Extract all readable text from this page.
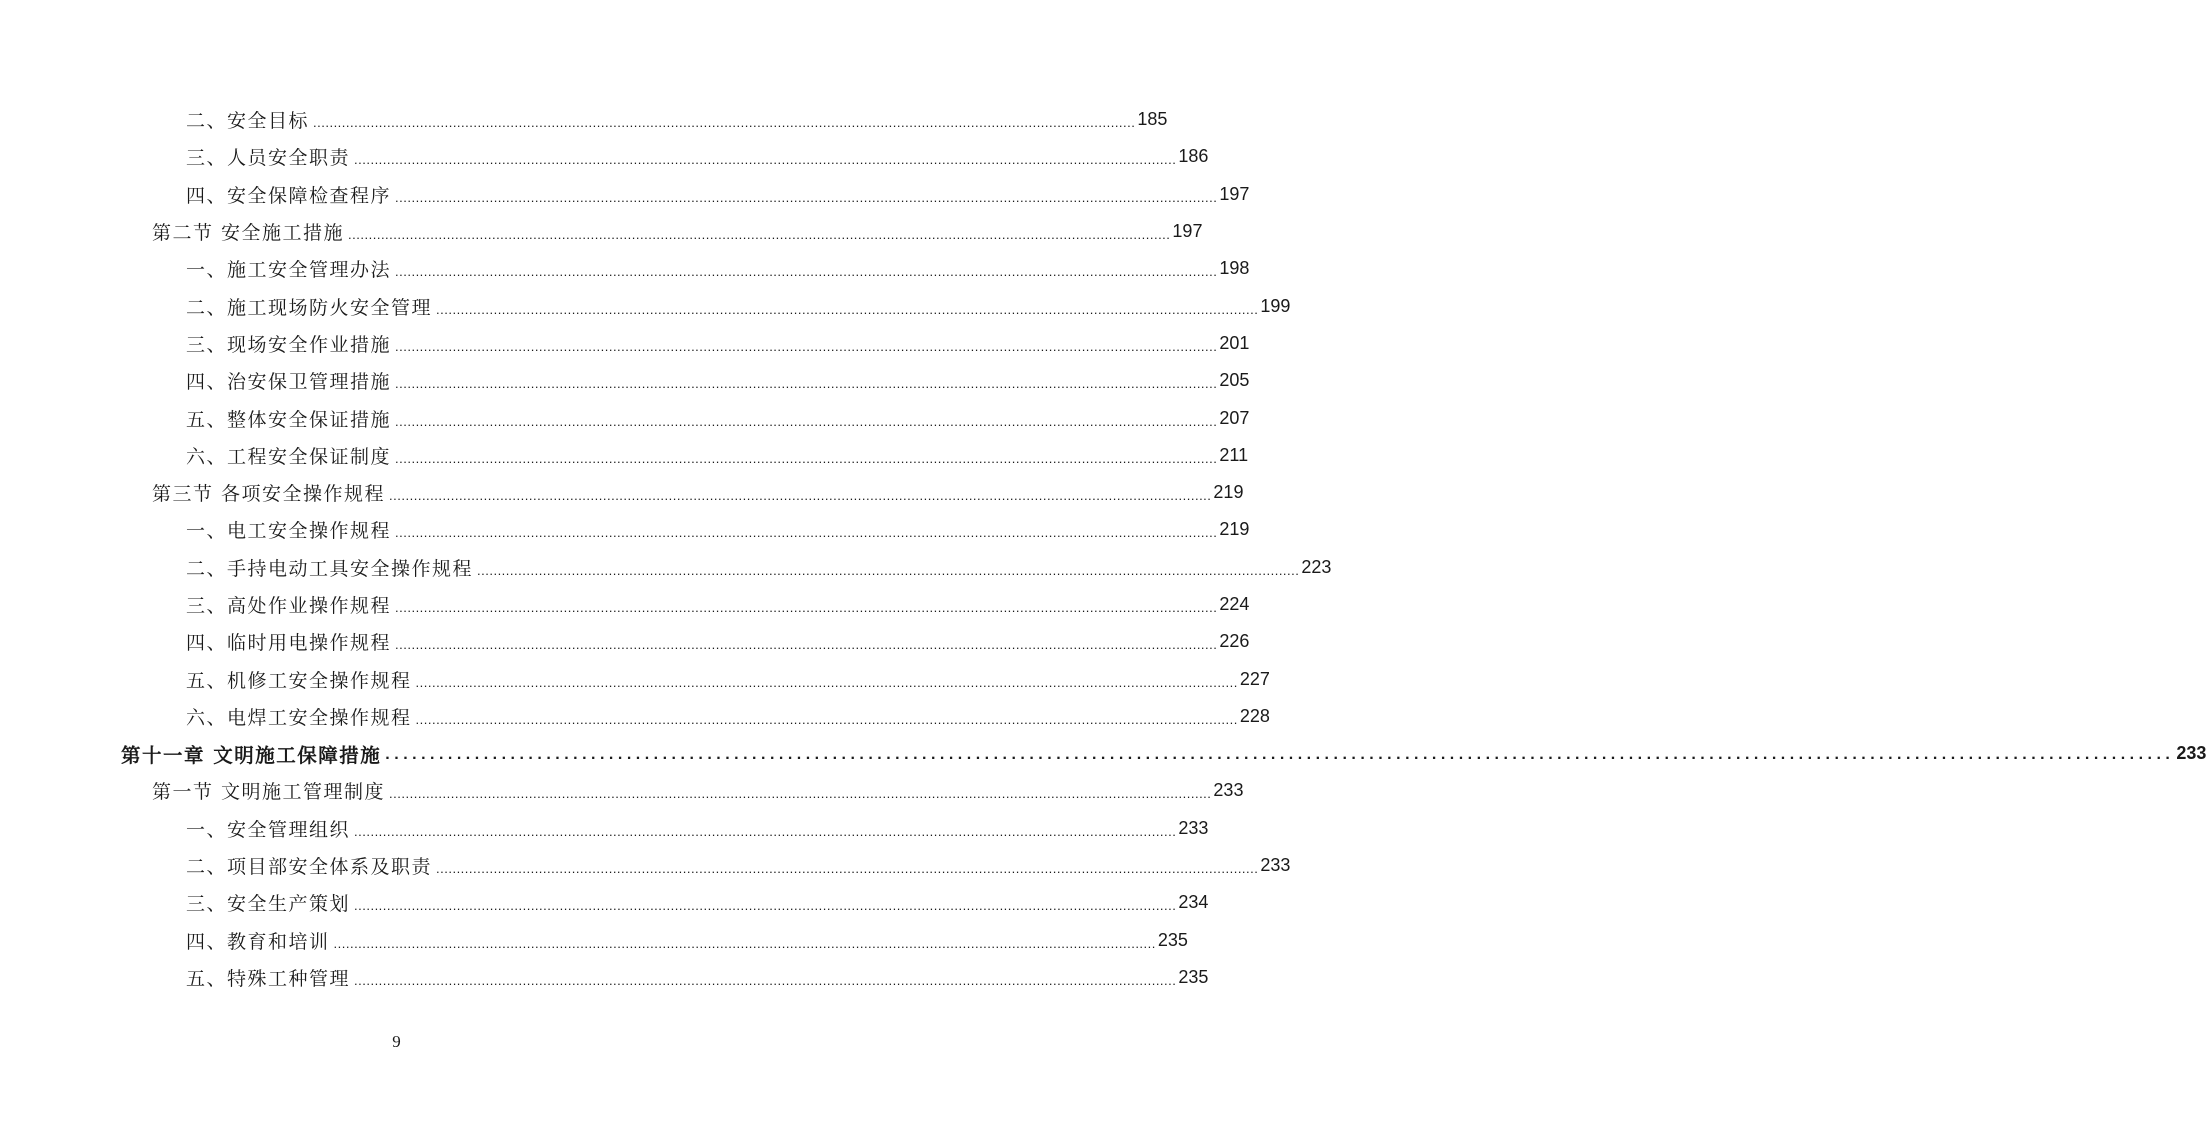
二、安全目标 ........................................................................................................................................................................................................ 185
三、人员安全职责 ........................................................................................................................................................................................................ 186
四、安全保障检查程序 ........................................................................................................................................................................................................ 197
第二节 安全施工措施 ........................................................................................................................................................................................................ 197
一、施工安全管理办法 ........................................................................................................................................................................................................ 198
二、施工现场防火安全管理 ........................................................................................................................................................................................................ 199
三、现场安全作业措施 ........................................................................................................................................................................................................ 201
四、治安保卫管理措施 ........................................................................................................................................................................................................ 205
五、整体安全保证措施 ........................................................................................................................................................................................................ 207
六、工程安全保证制度 ........................................................................................................................................................................................................ 211
第三节 各项安全操作规程 ........................................................................................................................................................................................................ 219
一、电工安全操作规程 ........................................................................................................................................................................................................ 219
二、手持电动工具安全操作规程 ........................................................................................................................................................................................................ 223
三、高处作业操作规程 ........................................................................................................................................................................................................ 224
四、临时用电操作规程 ........................................................................................................................................................................................................ 226
五、机修工安全操作规程 ........................................................................................................................................................................................................ 227
六、电焊工安全操作规程 ........................................................................................................................................................................................................ 228
第十一章 文明施工保障措施 ........................................................................................................................................................................................................ 233
第一节 文明施工管理制度 ........................................................................................................................................................................................................ 233
一、安全管理组织 ........................................................................................................................................................................................................ 233
二、项目部安全体系及职责 ........................................................................................................................................................................................................ 233
三、安全生产策划 ........................................................................................................................................................................................................ 234
四、教育和培训 ........................................................................................................................................................................................................ 235
五、特殊工种管理 ........................................................................................................................................................................................................ 235
9
